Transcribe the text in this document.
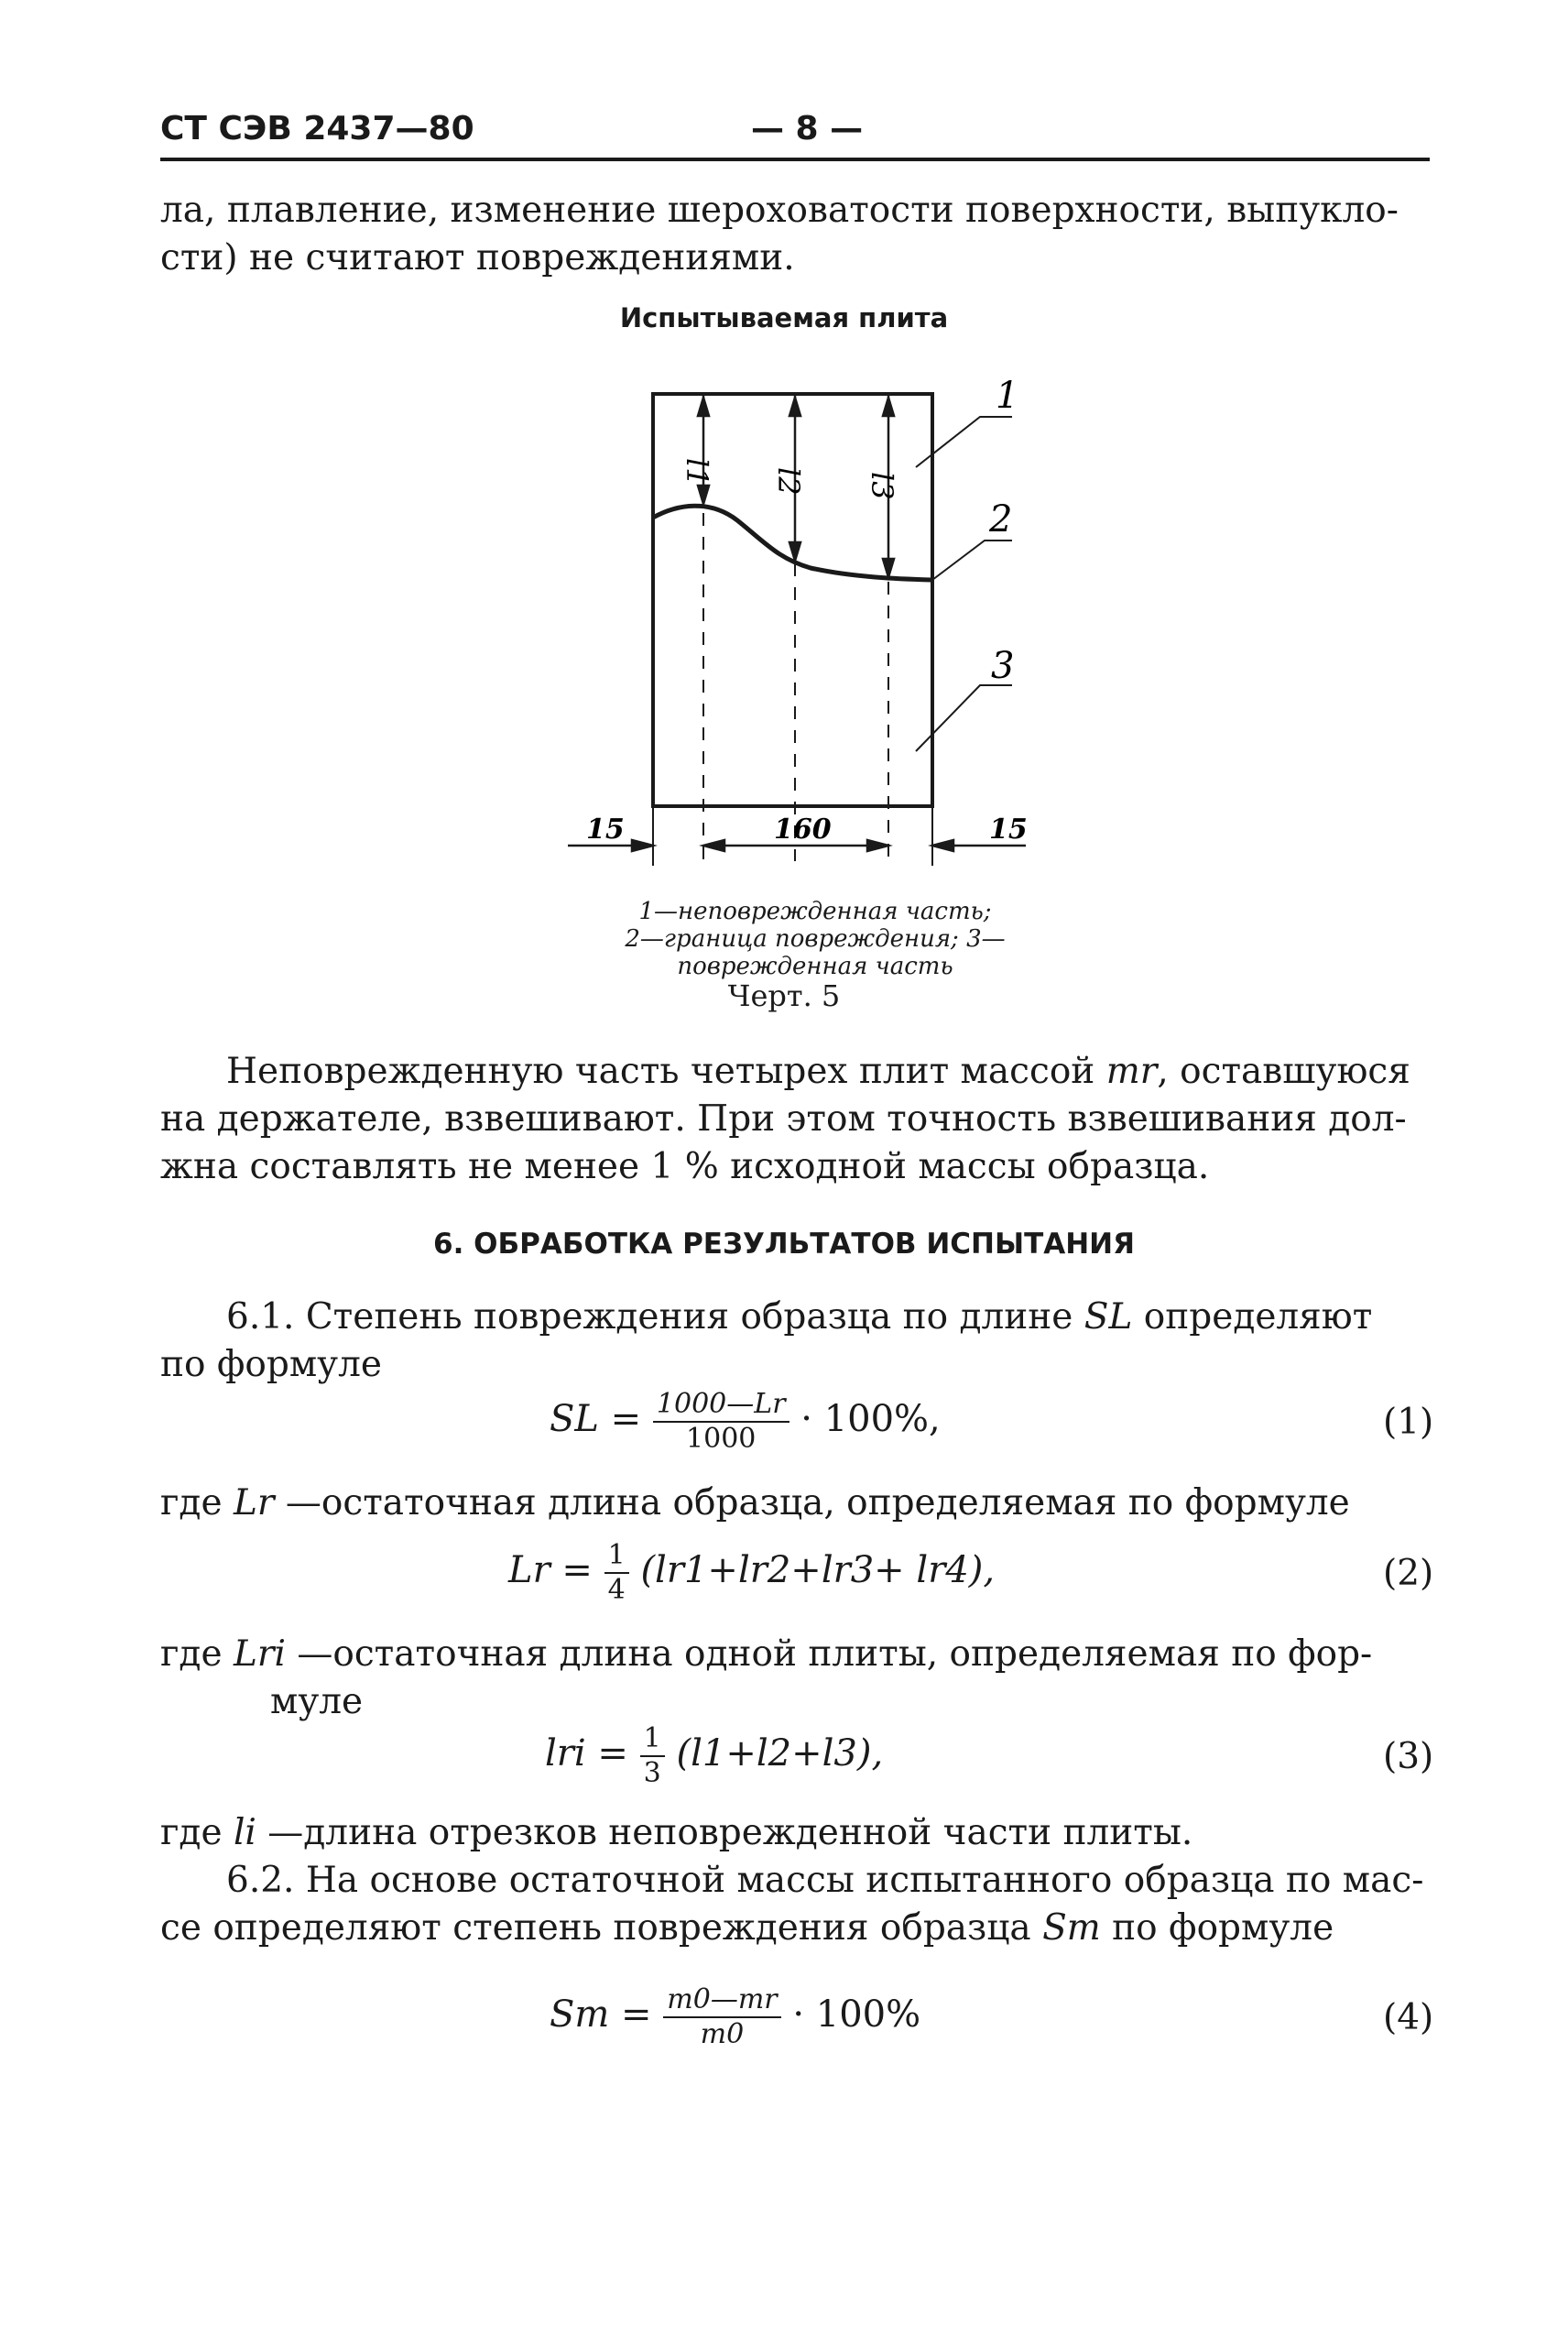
СТ СЭВ 2437—80	— 8 —
ла, плавление, изменение шероховатости поверхности, выпукло-
сти) не считают повреждениями.
Испытываемая плита
l1 l2 l3
1
2
3
15	160	15
1—неповрежденная часть;
2—граница повреждения; 3—
поврежденная часть
Черт. 5
Неповрежденную часть четырех плит массой mr, оставшуюся
на держателе, взвешивают. При этом точность взвешивания дол-
жна составлять не менее 1 % исходной массы образца.
6. ОБРАБОТКА РЕЗУЛЬТАТОВ ИСПЫТАНИЯ
6.1. Степень повреждения образца по длине SL определяют
по формуле
SL = $\frac{1000—Lr}{1000} \cdot 100\%$,	(1)
где Lr —остаточная длина образца, определяемая по формуле
$Lr = \frac{1}{4} (lr1+lr2+lr3+ lr4)$,	(2)
где Lri —остаточная длина одной плиты, определяемая по фор-
муле
lri = $\frac{1}{3} (l1+l2+l3)$,	(3)
где li —длина отрезков неповрежденной части плиты.
6.2. На основе остаточной массы испытанного образца по мас-
се определяют степень повреждения образца Sm по формуле
$Sm = \frac{m0—mr}{m0} \cdot 100\%$	(4)
